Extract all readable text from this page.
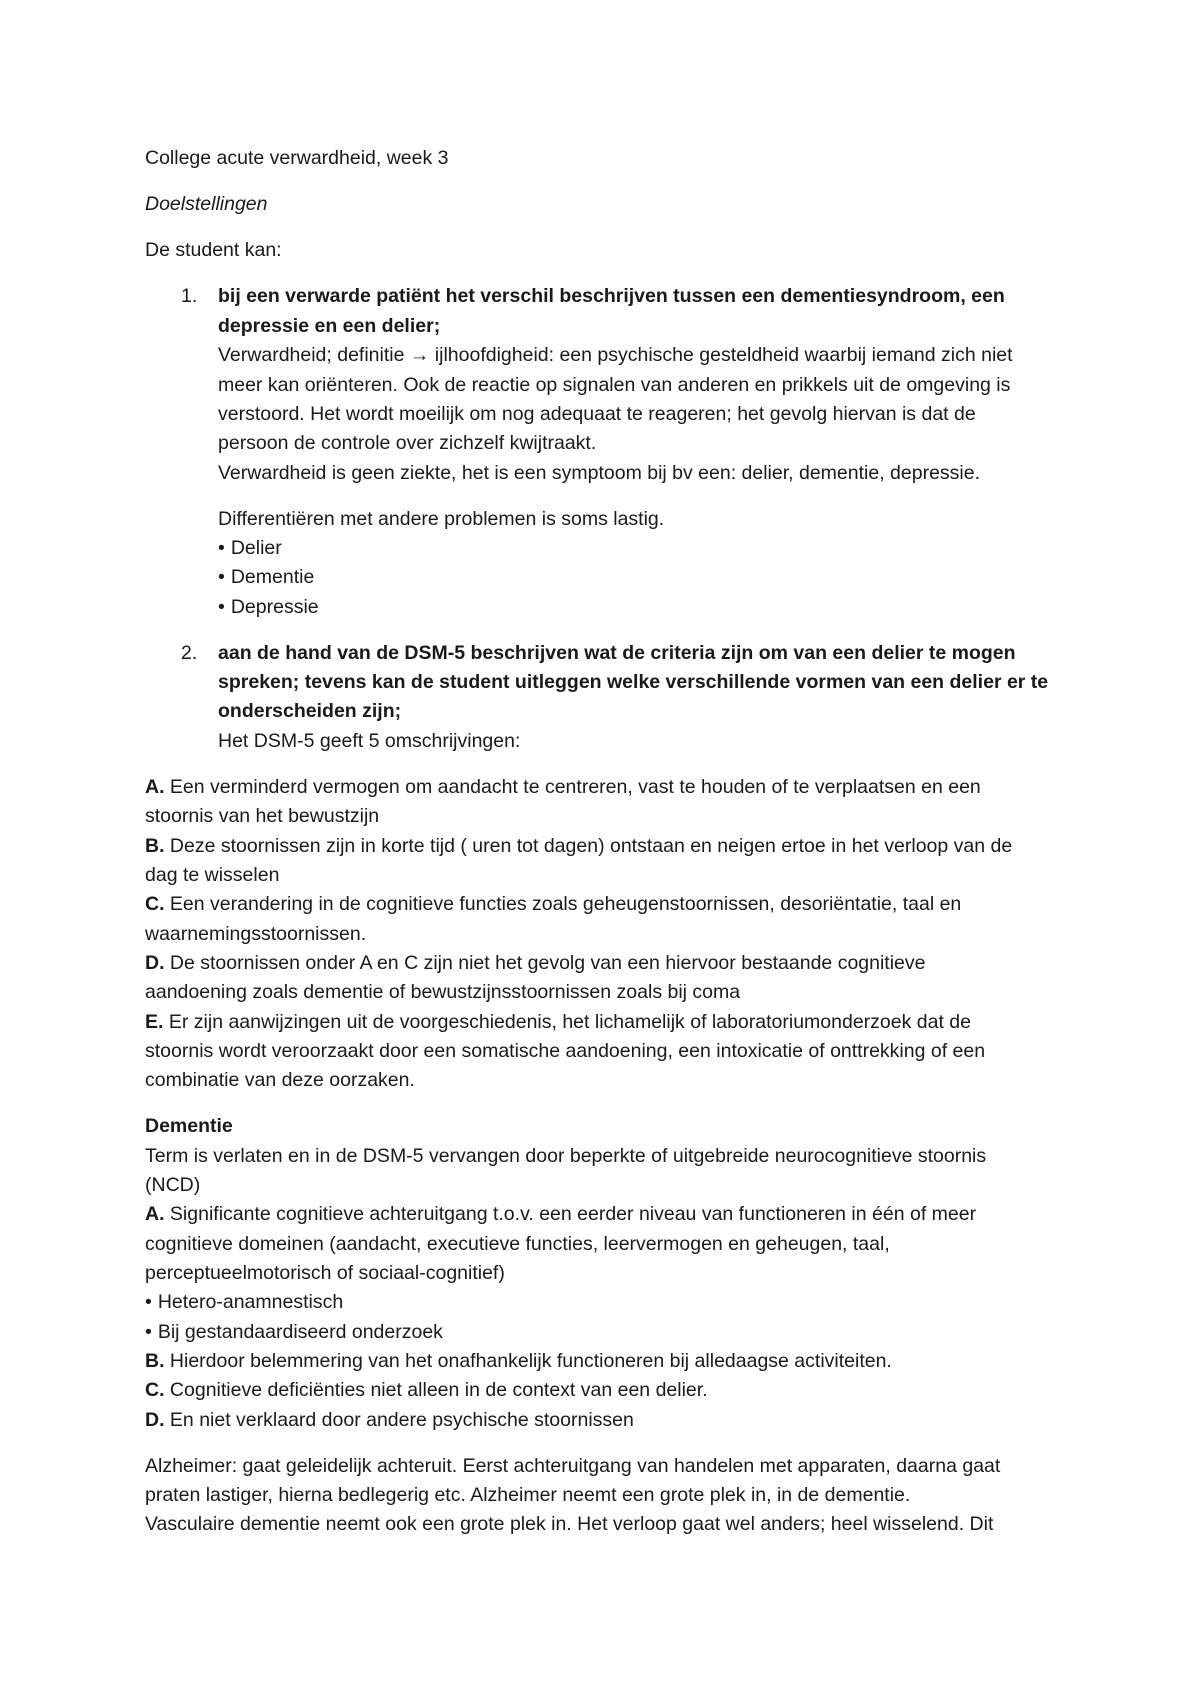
College acute verwardheid, week 3
Doelstellingen
De student kan:
1. bij een verwarde patiënt het verschil beschrijven tussen een dementiesyndroom, een
depressie en een delier;
Verwardheid; definitie → ijlhoofdigheid: een psychische gesteldheid waarbij iemand zich niet
meer kan oriënteren. Ook de reactie op signalen van anderen en prikkels uit de omgeving is
verstoord. Het wordt moeilijk om nog adequaat te reageren; het gevolg hiervan is dat de
persoon de controle over zichzelf kwijtraakt.
Verwardheid is geen ziekte, het is een symptoom bij bv een: delier, dementie, depressie.
Differentiëren met andere problemen is soms lastig.
• Delier
• Dementie
• Depressie
2. aan de hand van de DSM-5 beschrijven wat de criteria zijn om van een delier te mogen
spreken; tevens kan de student uitleggen welke verschillende vormen van een delier er te
onderscheiden zijn;
Het DSM-5 geeft 5 omschrijvingen:
A. Een verminderd vermogen om aandacht te centreren, vast te houden of te verplaatsen en een
stoornis van het bewustzijn
B. Deze stoornissen zijn in korte tijd ( uren tot dagen) ontstaan en neigen ertoe in het verloop van de
dag te wisselen
C. Een verandering in de cognitieve functies zoals geheugenstoornissen, desoriëntatie, taal en
waarnemingsstoornissen.
D. De stoornissen onder A en C zijn niet het gevolg van een hiervoor bestaande cognitieve
aandoening zoals dementie of bewustzijnsstoornissen zoals bij coma
E. Er zijn aanwijzingen uit de voorgeschiedenis, het lichamelijk of laboratoriumonderzoek dat de
stoornis wordt veroorzaakt door een somatische aandoening, een intoxicatie of onttrekking of een
combinatie van deze oorzaken.
Dementie
Term is verlaten en in de DSM-5 vervangen door beperkte of uitgebreide neurocognitieve stoornis
(NCD)
A. Significante cognitieve achteruitgang t.o.v. een eerder niveau van functioneren in één of meer
cognitieve domeinen (aandacht, executieve functies, leervermogen en geheugen, taal,
perceptueelmotorisch of sociaal-cognitief)
• Hetero-anamnestisch
• Bij gestandaardiseerd onderzoek
B. Hierdoor belemmering van het onafhankelijk functioneren bij alledaagse activiteiten.
C. Cognitieve deficiënties niet alleen in de context van een delier.
D. En niet verklaard door andere psychische stoornissen
Alzheimer: gaat geleidelijk achteruit. Eerst achteruitgang van handelen met apparaten, daarna gaat
praten lastiger, hierna bedlegerig etc. Alzheimer neemt een grote plek in, in de dementie.
Vasculaire dementie neemt ook een grote plek in. Het verloop gaat wel anders; heel wisselend. Dit
